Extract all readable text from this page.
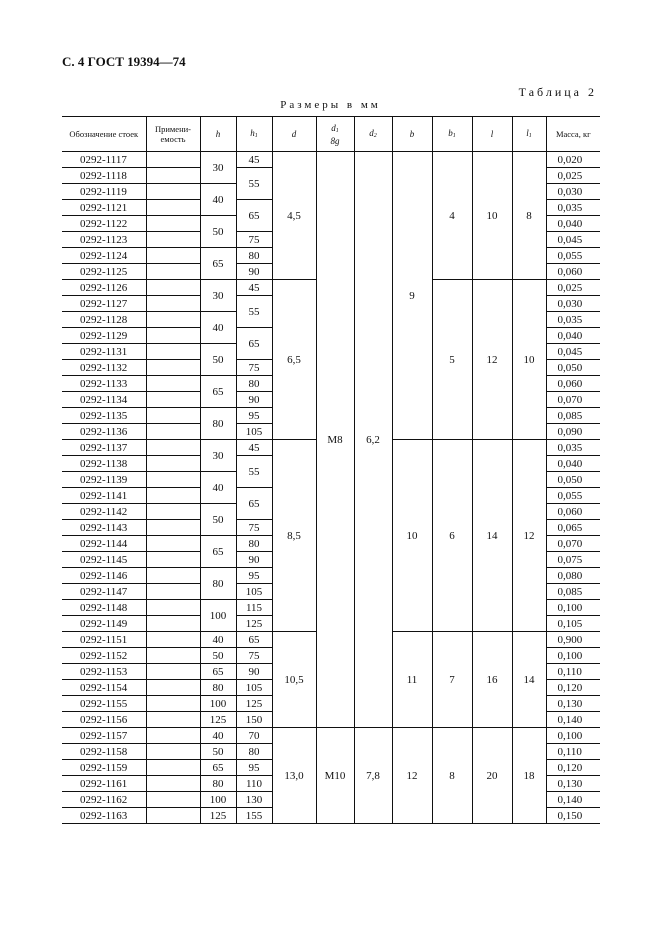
С. 4 ГОСТ 19394—74
Таблица 2
Размеры в мм
Обозначение стоек	Примени-емость	h	h1	d	d1
8g	d2	b	b1	l	l1	Масса, кг
0292-1117		30	45	4,5	M8	6,2	9	4	10	8	0,020
0292-1118			55								0,025
0292-1119		40									0,030
0292-1121			65								0,035
0292-1122		50									0,040
0292-1123			75								0,045
0292-1124		65	80								0,055
0292-1125			90								0,060
0292-1126		30	45	6,5				5	12	10	0,025
0292-1127			55								0,030
0292-1128		40									0,035
0292-1129			65								0,040
0292-1131		50									0,045
0292-1132			75								0,050
0292-1133		65	80								0,060
0292-1134			90								0,070
0292-1135		80	95								0,085
0292-1136			105								0,090
0292-1137		30	45	8,5			10	6	14	12	0,035
0292-1138			55								0,040
0292-1139		40									0,050
0292-1141			65								0,055
0292-1142		50									0,060
0292-1143			75								0,065
0292-1144		65	80								0,070
0292-1145			90								0,075
0292-1146		80	95								0,080
0292-1147			105								0,085
0292-1148		100	115								0,100
0292-1149			125								0,105
0292-1151		40	65	10,5			11	7	16	14	0,900
0292-1152		50	75								0,100
0292-1153		65	90								0,110
0292-1154		80	105								0,120
0292-1155		100	125								0,130
0292-1156		125	150								0,140
0292-1157		40	70	13,0	M10	7,8	12	8	20	18	0,100
0292-1158		50	80								0,110
0292-1159		65	95								0,120
0292-1161		80	110								0,130
0292-1162		100	130								0,140
0292-1163		125	155								0,150
